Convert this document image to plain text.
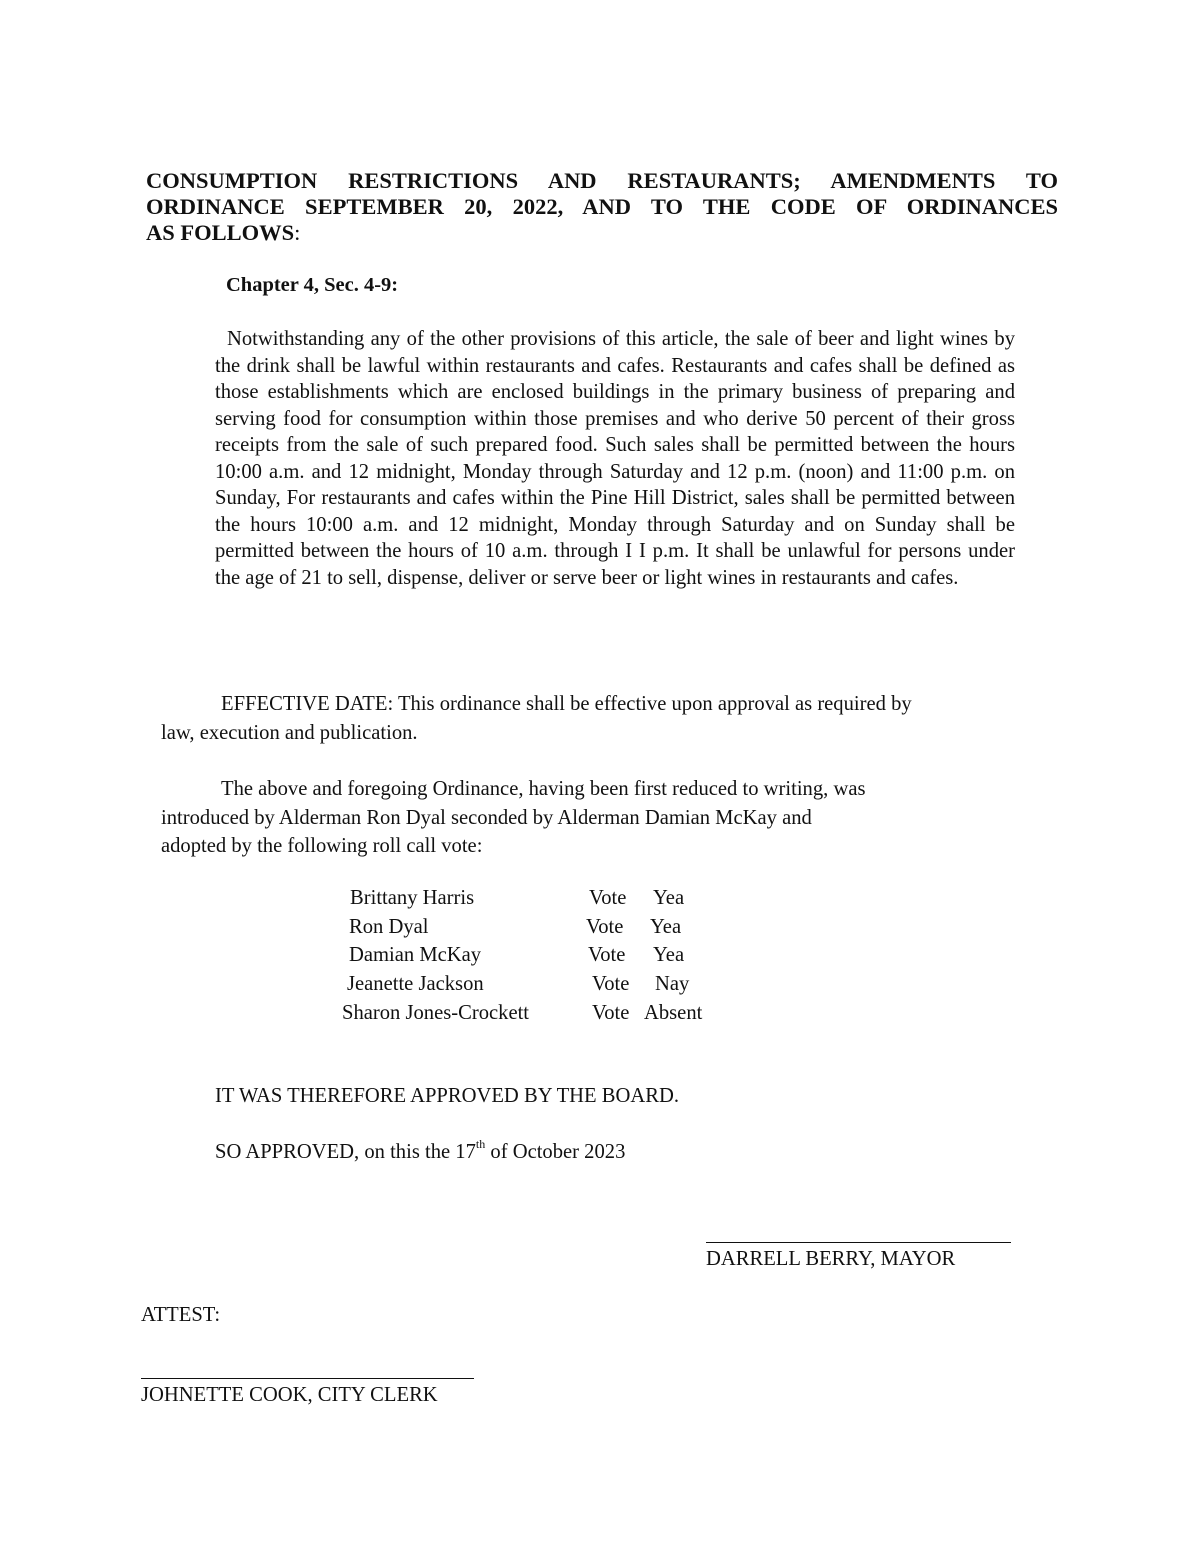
CONSUMPTION RESTRICTIONS AND RESTAURANTS; AMENDMENTS TO
ORDINANCE SEPTEMBER 20, 2022, AND TO THE CODE OF ORDINANCES
AS FOLLOWS:
Chapter 4, Sec. 4-9:
Notwithstanding any of the other provisions of this article, the sale of beer and light wines by the drink shall be lawful within restaurants and cafes. Restaurants and cafes shall be defined as those establishments which are enclosed buildings in the primary business of preparing and serving food for consumption within those premises and who derive 50 percent of their gross receipts from the sale of such prepared food. Such sales shall be permitted between the hours 10:00 a.m. and 12 midnight, Monday through Saturday and 12 p.m. (noon) and 11:00 p.m. on Sunday, For restaurants and cafes within the Pine Hill District, sales shall be permitted between the hours 10:00 a.m. and 12 midnight, Monday through Saturday and on Sunday shall be permitted between the hours of 10 a.m. through I I p.m. It shall be unlawful for persons under the age of 21 to sell, dispense, deliver or serve beer or light wines in restaurants and cafes.
EFFECTIVE DATE: This ordinance shall be effective upon approval as required by
law, execution and publication.
The above and foregoing Ordinance, having been first reduced to writing, was
introduced by Alderman Ron Dyal seconded by Alderman Damian McKay and
adopted by the following roll call vote:
Brittany Harris	Vote Yea
Ron Dyal	Vote Yea
Damian McKay	Vote Yea
Jeanette Jackson	Vote Nay
Sharon Jones-Crockett	Vote Absent
IT WAS THEREFORE APPROVED BY THE BOARD.
SO APPROVED, on this the 17th of October 2023
DARRELL BERRY, MAYOR
ATTEST:
JOHNETTE COOK, CITY CLERK
